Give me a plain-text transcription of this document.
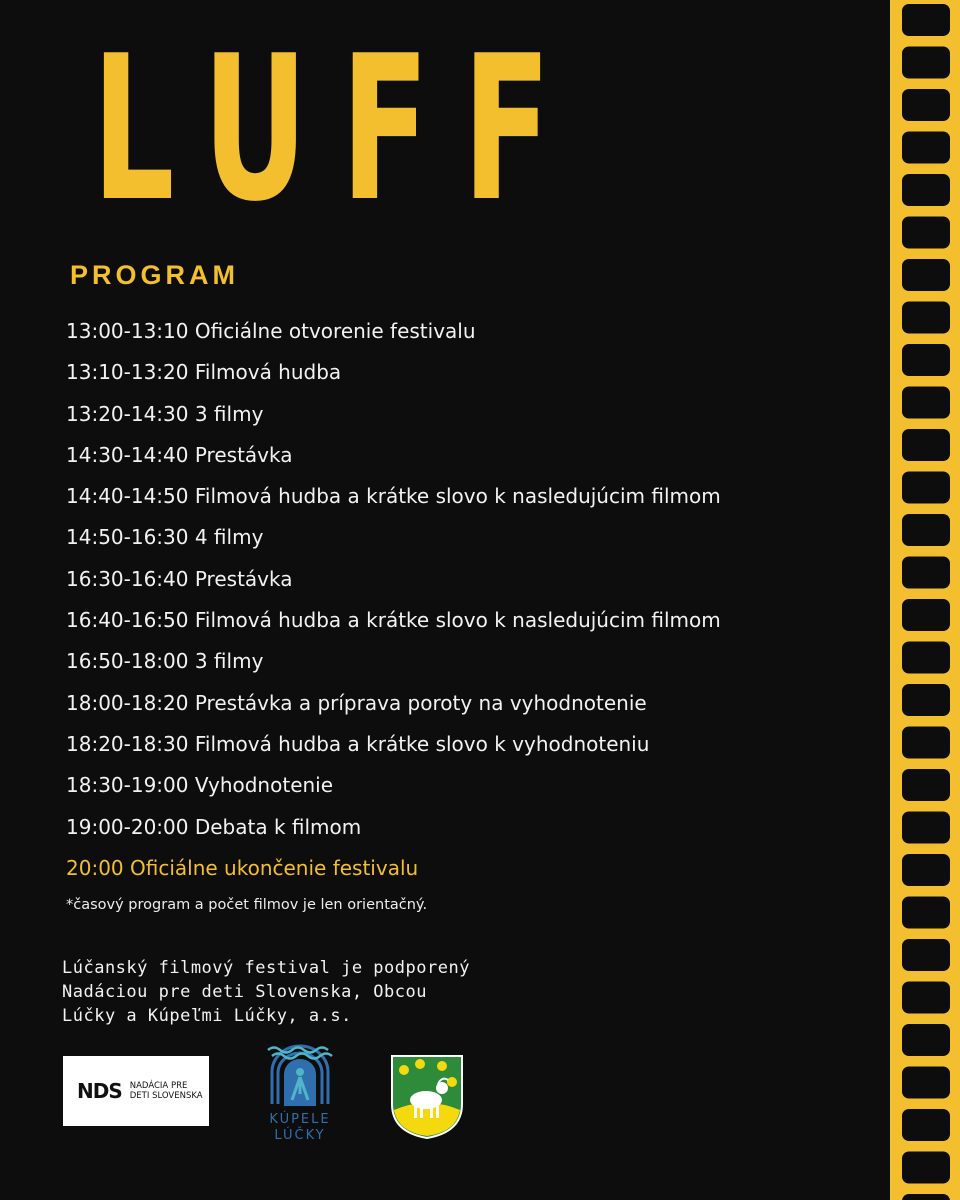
LUFF
PROGRAM
13:00-13:10 Oficiálne otvorenie festivalu
13:10-13:20 Filmová hudba
13:20-14:30 3 filmy
14:30-14:40 Prestávka
14:40-14:50 Filmová hudba a krátke slovo k nasledujúcim filmom
14:50-16:30 4 filmy
16:30-16:40 Prestávka
16:40-16:50 Filmová hudba a krátke slovo k nasledujúcim filmom
16:50-18:00 3 filmy
18:00-18:20 Prestávka a príprava poroty na vyhodnotenie
18:20-18:30 Filmová hudba a krátke slovo k vyhodnoteniu
18:30-19:00 Vyhodnotenie
19:00-20:00 Debata k filmom
20:00 Oficiálne ukončenie festivalu

*časový program a počet filmov je len orientačný.

Lúčanský filmový festival je podporený
Nadáciou pre deti Slovenska, Obcou
Lúčky a Kúpeľmi Lúčky, a.s.

NDS NADÁCIA PRE
DETI SLOVENSKA
KÚPELE
LÚČKY
